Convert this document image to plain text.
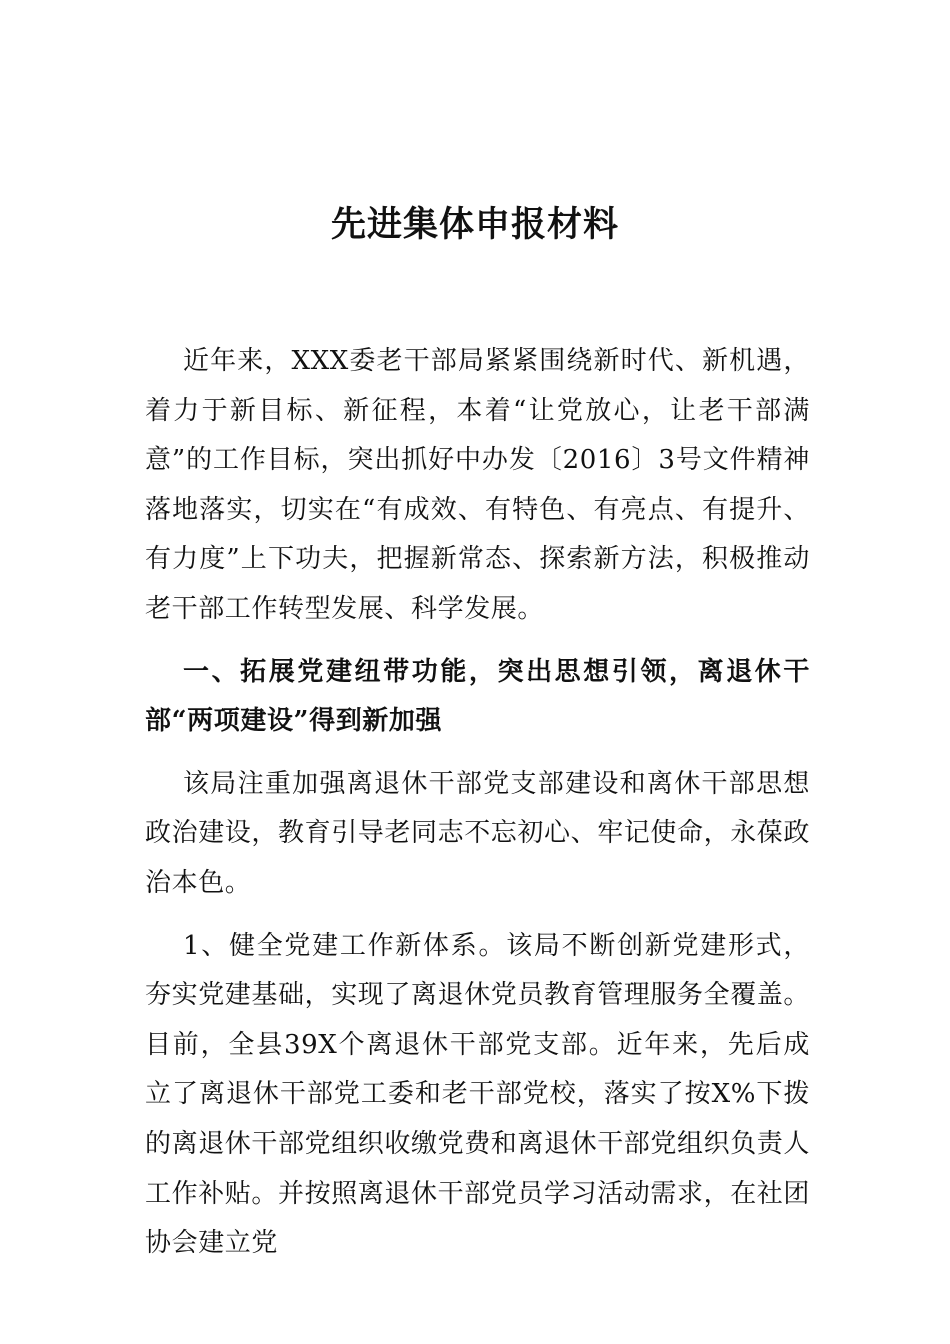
先进集体申报材料

近年来，XXX委老干部局紧紧围绕新时代、新机遇，着力于新目标、新征程，本着“让党放心，让老干部满意”的工作目标，突出抓好中办发〔2016〕3号文件精神落地落实，切实在“有成效、有特色、有亮点、有提升、有力度”上下功夫，把握新常态、探索新方法，积极推动老干部工作转型发展、科学发展。

一、拓展党建纽带功能，突出思想引领，离退休干部“两项建设”得到新加强

该局注重加强离退休干部党支部建设和离休干部思想政治建设，教育引导老同志不忘初心、牢记使命，永葆政治本色。

1、健全党建工作新体系。该局不断创新党建形式，夯实党建基础，实现了离退休党员教育管理服务全覆盖。目前，全县39X个离退休干部党支部。近年来，先后成立了离退休干部党工委和老干部党校，落实了按X%下拨的离退休干部党组织收缴党费和离退休干部党组织负责人工作补贴。并按照离退休干部党员学习活动需求，在社团协会建立党
